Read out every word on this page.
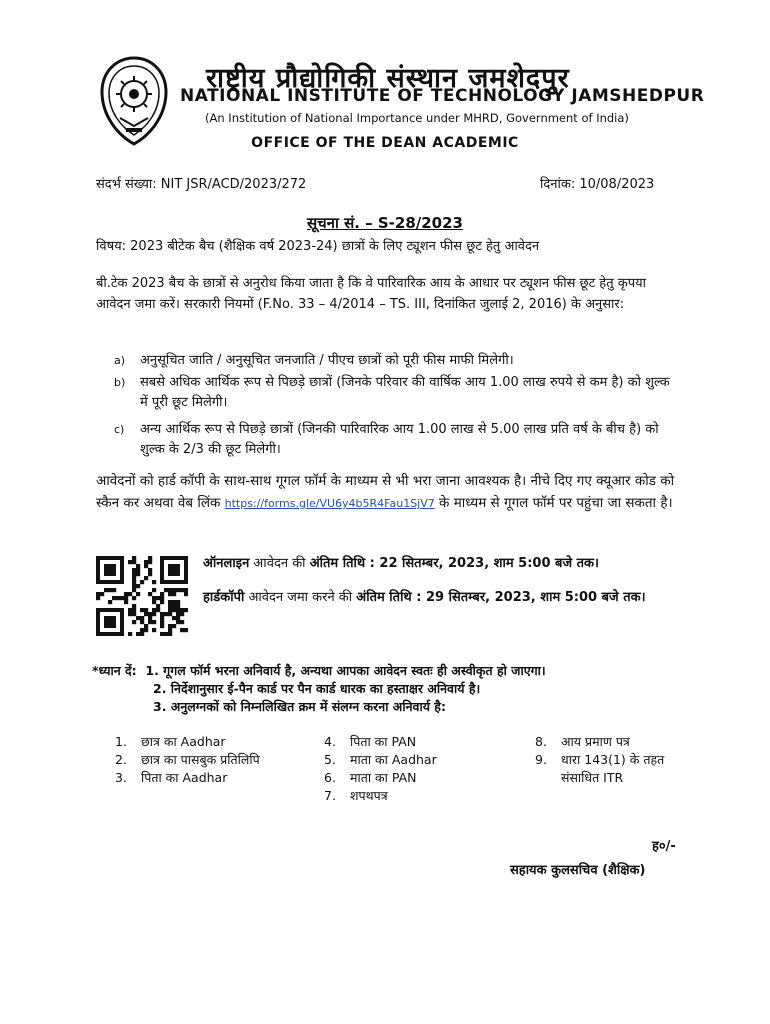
राष्ट्रीय प्रौद्योगिकी संस्थान जमशेदपुर
NATIONAL INSTITUTE OF TECHNOLOGY JAMSHEDPUR
(An Institution of National Importance under MHRD, Government of India)
OFFICE OF THE DEAN ACADEMIC
संदर्भ संख्या: NIT JSR/ACD/2023/272	दिनांक: 10/08/2023
सूचना सं. – S-28/2023
विषय: 2023 बीटेक बैच (शैक्षिक वर्ष 2023-24) छात्रों के लिए ट्यूशन फीस छूट हेतु आवेदन
बी.टेक 2023 बैच के छात्रों से अनुरोध किया जाता है कि वे पारिवारिक आय के आधार पर ट्यूशन फीस छूट हेतु कृपया आवेदन जमा करें। सरकारी नियमों (F.No. 33 – 4/2014 – TS. III, दिनांकित जुलाई 2, 2016) के अनुसार:
a) अनुसूचित जाति / अनुसूचित जनजाति / पीएच छात्रों को पूरी फीस माफी मिलेगी।
b) सबसे अधिक आर्थिक रूप से पिछड़े छात्रों (जिनके परिवार की वार्षिक आय 1.00 लाख रुपये से कम है) को शुल्क में पूरी छूट मिलेगी।
c) अन्य आर्थिक रूप से पिछड़े छात्रों (जिनकी पारिवारिक आय 1.00 लाख से 5.00 लाख प्रति वर्ष के बीच है) को शुल्क के 2/3 की छूट मिलेगी।
आवेदनों को हार्ड कॉपी के साथ-साथ गूगल फॉर्म के माध्यम से भी भरा जाना आवश्यक है। नीचे दिए गए क्यूआर कोड को स्कैन कर अथवा वेब लिंक https://forms.gle/VU6y4b5R4Fau1SjV7 के माध्यम से गूगल फॉर्म पर पहुंचा जा सकता है।
ऑनलाइन आवेदन की अंतिम तिथि : 22 सितम्बर, 2023, शाम 5:00 बजे तक।
हार्डकॉपी आवेदन जमा करने की अंतिम तिथि : 29 सितम्बर, 2023, शाम 5:00 बजे तक।
*ध्यान दें: 1. गूगल फॉर्म भरना अनिवार्य है, अन्यथा आपका आवेदन स्वतः ही अस्वीकृत हो जाएगा।
2. निर्देशानुसार ई-पैन कार्ड पर पैन कार्ड धारक का हस्ताक्षर अनिवार्य है।
3. अनुलग्नकों को निम्नलिखित क्रम में संलग्न करना अनिवार्य है:
1. छात्र का Aadhar
2. छात्र का पासबुक प्रतिलिपि
3. पिता का Aadhar
4. पिता का PAN
5. माता का Aadhar
6. माता का PAN
7. शपथपत्र
8. आय प्रमाण पत्र
9. धारा 143(1) के तहत संसाधित ITR
ह०/-
सहायक कुलसचिव (शैक्षिक)
